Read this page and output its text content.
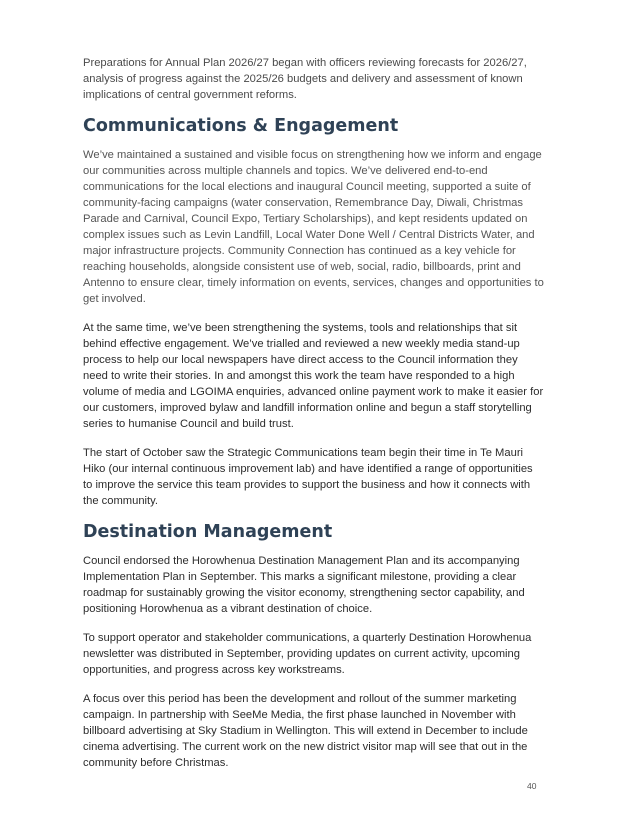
Preparations for Annual Plan 2026/27 began with officers reviewing forecasts for 2026/27, analysis of progress against the 2025/26 budgets and delivery and assessment of known implications of central government reforms.

Communications & Engagement

We’ve maintained a sustained and visible focus on strengthening how we inform and engage our communities across multiple channels and topics. We’ve delivered end-to-end communications for the local elections and inaugural Council meeting, supported a suite of community-facing campaigns (water conservation, Remembrance Day, Diwali, Christmas Parade and Carnival, Council Expo, Tertiary Scholarships), and kept residents updated on complex issues such as Levin Landfill, Local Water Done Well / Central Districts Water, and major infrastructure projects. Community Connection has continued as a key vehicle for reaching households, alongside consistent use of web, social, radio, billboards, print and Antenno to ensure clear, timely information on events, services, changes and opportunities to get involved.

At the same time, we’ve been strengthening the systems, tools and relationships that sit behind effective engagement. We’ve trialled and reviewed a new weekly media stand-up process to help our local newspapers have direct access to the Council information they need to write their stories. In and amongst this work the team have responded to a high volume of media and LGOIMA enquiries, advanced online payment work to make it easier for our customers, improved bylaw and landfill information online and begun a staff storytelling series to humanise Council and build trust.

The start of October saw the Strategic Communications team begin their time in Te Mauri Hiko (our internal continuous improvement lab) and have identified a range of opportunities to improve the service this team provides to support the business and how it connects with the community.

Destination Management

Council endorsed the Horowhenua Destination Management Plan and its accompanying Implementation Plan in September. This marks a significant milestone, providing a clear roadmap for sustainably growing the visitor economy, strengthening sector capability, and positioning Horowhenua as a vibrant destination of choice.

To support operator and stakeholder communications, a quarterly Destination Horowhenua newsletter was distributed in September, providing updates on current activity, upcoming opportunities, and progress across key workstreams.

A focus over this period has been the development and rollout of the summer marketing campaign. In partnership with SeeMe Media, the first phase launched in November with billboard advertising at Sky Stadium in Wellington. This will extend in December to include cinema advertising. The current work on the new district visitor map will see that out in the community before Christmas.

40
